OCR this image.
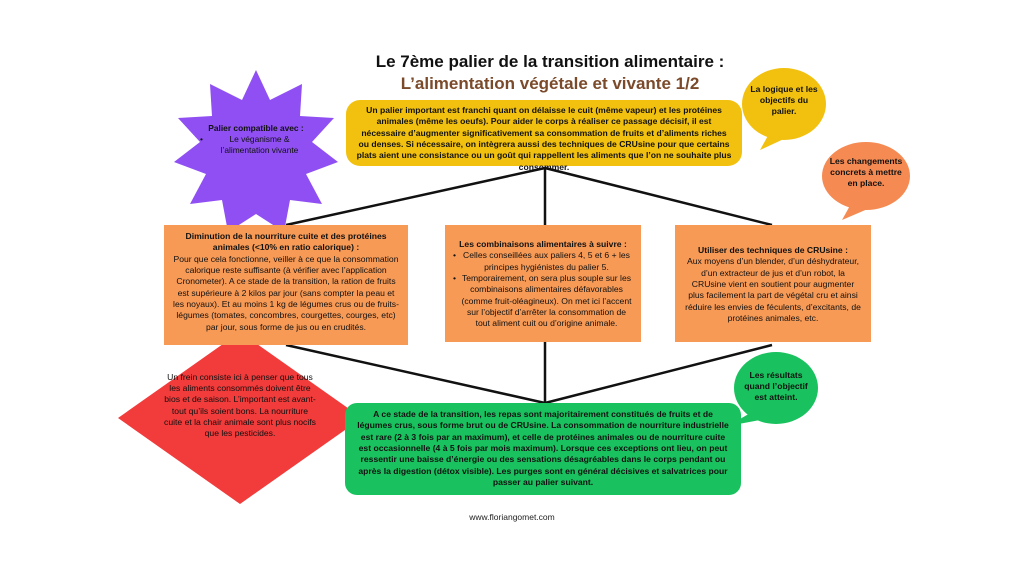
Le 7ème palier de la transition alimentaire :
L’alimentation végétale et vivante 1/2
Palier compatible avec :
•	Le véganisme & l’alimentation vivante
Un palier important est franchi quant on délaisse le cuit (même vapeur) et les protéines animales (même les oeufs). Pour aider le corps à réaliser ce passage décisif, il est nécessaire d’augmenter significativement sa consommation de fruits et d’aliments riches ou denses. Si nécessaire, on intègrera aussi des techniques de CRUsine pour que certains plats aient une consistance ou un goût qui rappellent les aliments que l’on ne souhaite plus consommer.
La logique et les objectifs du palier.
Les changements concrets à mettre en place.
Les résultats quand l’objectif est atteint.
Diminution de la nourriture cuite et des protéines animales (<10% en ratio calorique) :
Pour que cela fonctionne, veiller à ce que la consommation calorique reste suffisante (à vérifier avec l’application Cronometer). A ce stade de la transition, la ration de fruits est supérieure à 2 kilos par jour (sans compter la peau et les noyaux). Et au moins 1 kg de légumes crus ou de fruits-légumes (tomates, concombres, courgettes, courges, etc) par jour, sous forme de jus ou en crudités.
Les combinaisons alimentaires à suivre :
• Celles conseillées aux paliers 4, 5 et 6 + les principes hygiénistes du palier 5.
• Temporairement, on sera plus souple sur les combinaisons alimentaires défavorables (comme fruit-oléagineux). On met ici l’accent sur l’objectif d’arrêter la consommation de tout aliment cuit ou d’origine animale.
Utiliser des techniques de CRUsine :
Aux moyens d’un blender, d’un déshydrateur, d’un extracteur de jus et d’un robot, la CRUsine vient en soutient pour augmenter plus facilement la part de végétal cru et ainsi réduire les envies de féculents, d’excitants, de protéines animales, etc.
Un frein consiste ici à penser que tous les aliments consommés doivent être bios et de saison. L’important est avant-tout qu’ils soient bons. La nourriture cuite et la chair animale sont plus nocifs que les pesticides.
A ce stade de la transition, les repas sont majoritairement constitués de fruits et de légumes crus, sous forme brut ou de CRUsine. La consommation de nourriture industrielle est rare (2 à 3 fois par an maximum), et celle de protéines animales ou de nourriture cuite est occasionnelle (4 à 5 fois par mois maximum). Lorsque ces exceptions ont lieu, on peut ressentir une baisse d’énergie ou des sensations désagréables dans le corps pendant ou après la digestion (détox visible). Les purges sont en général décisives et salvatrices pour passer au palier suivant.
www.floriangomet.com
